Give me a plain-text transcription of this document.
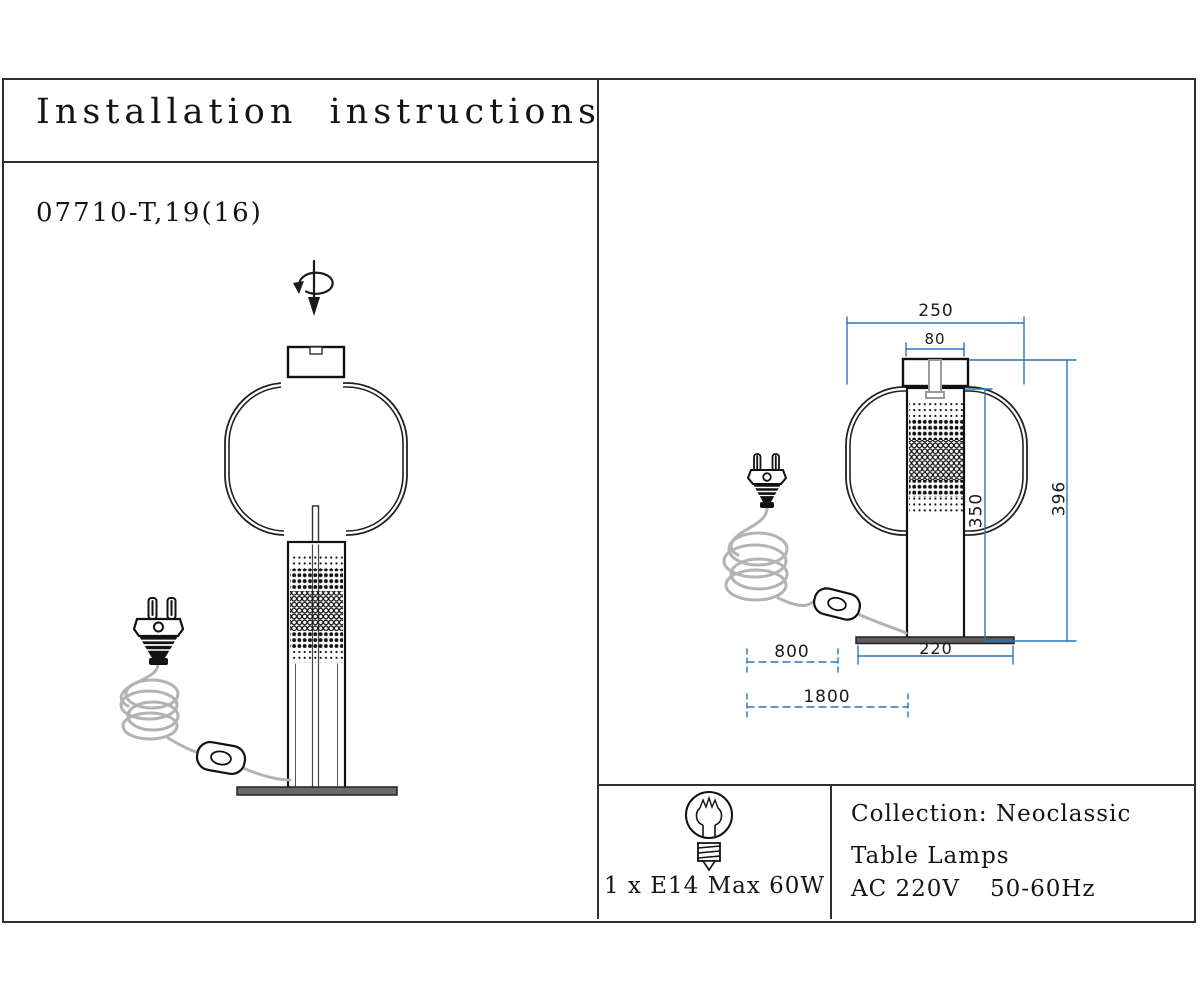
Installation instructions
07710-T,19(16)
250
80
396
350
220
800
1800
1 x E14 Max 60W
Collection: Neoclassic
Table Lamps
AC 220V 50-60Hz
